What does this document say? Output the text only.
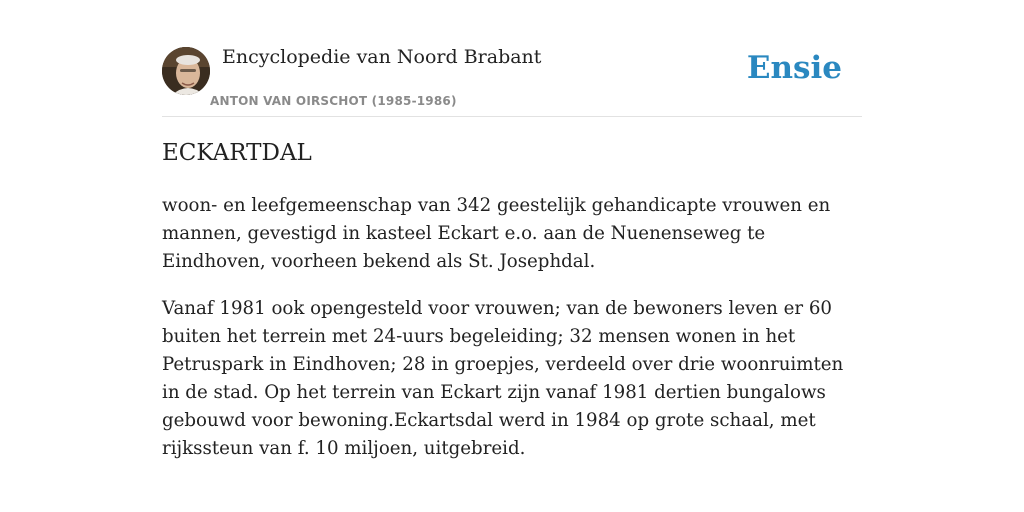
Encyclopedie van Noord Brabant
ANTON VAN OIRSCHOT (1985-1986)
Ensie
ECKARTDAL

woon- en leefgemeenschap van 342 geestelijk gehandicapte vrouwen en mannen, gevestigd in kasteel Eckart e.o. aan de Nuenenseweg te Eindhoven, voorheen bekend als St. Josephdal.

Vanaf 1981 ook opengesteld voor vrouwen; van de bewoners leven er 60 buiten het terrein met 24-uurs begeleiding; 32 mensen wonen in het Petruspark in Eindhoven; 28 in groepjes, verdeeld over drie woonruimten in de stad. Op het terrein van Eckart zijn vanaf 1981 dertien bungalows gebouwd voor bewoning.Eckartsdal werd in 1984 op grote schaal, met rijkssteun van f. 10 miljoen, uitgebreid.
